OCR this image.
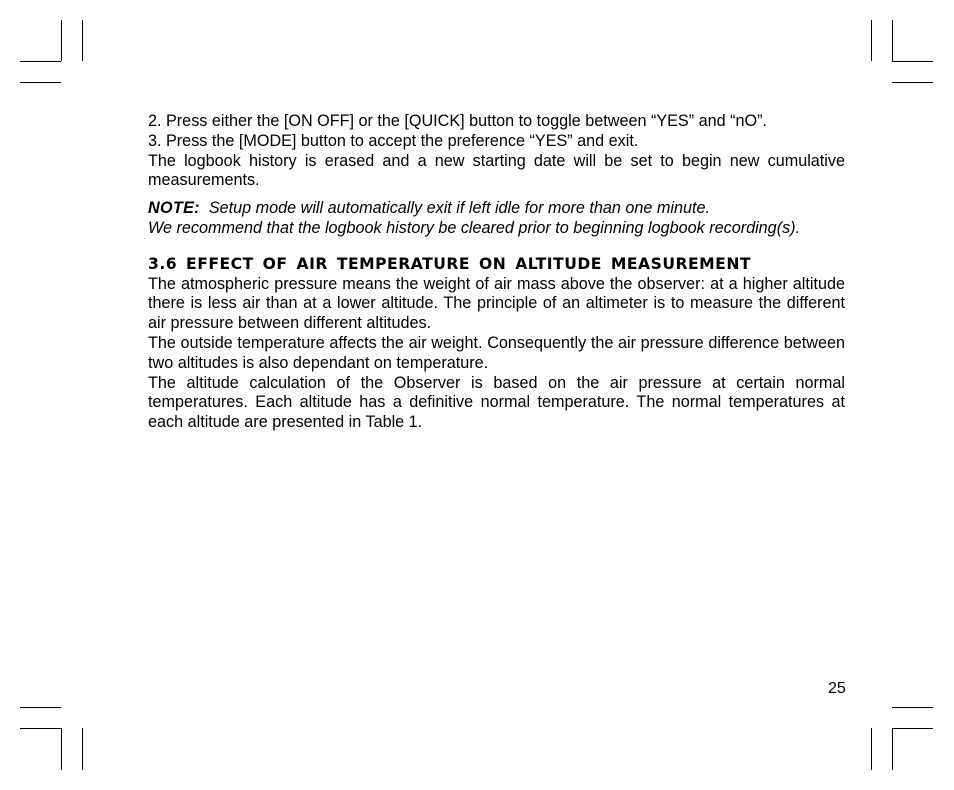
2. Press either the [ON OFF] or the [QUICK] button to toggle between “YES” and “nO”.

3. Press the [MODE] button to accept the preference “YES” and exit.

The logbook history is erased and a new starting date will be set to begin new cumulative measurements.

NOTE: Setup mode will automatically exit if left idle for more than one minute.

We recommend that the logbook history be cleared prior to beginning logbook recording(s).

3.6 EFFECT OF AIR TEMPERATURE ON ALTITUDE MEASUREMENT

The atmospheric pressure means the weight of air mass above the observer: at a higher altitude there is less air than at a lower altitude. The principle of an altimeter is to measure the different air pressure between different altitudes.

The outside temperature affects the air weight. Consequently the air pressure difference between two altitudes is also dependant on temperature.

The altitude calculation of the Observer is based on the air pressure at certain normal temperatures. Each altitude has a definitive normal temperature. The normal temperatures at each altitude are presented in Table 1.

25
